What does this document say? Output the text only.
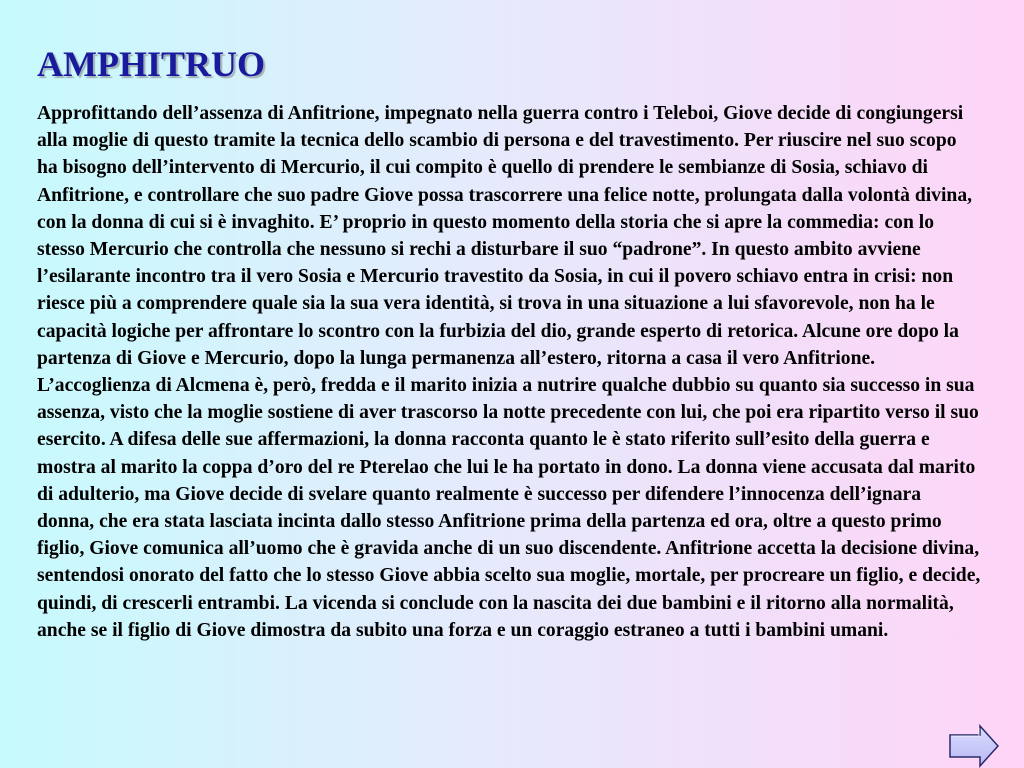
AMPHITRUO

Approfittando dell’assenza di Anfitrione, impegnato nella guerra contro i Teleboi, Giove decide di congiungersi alla moglie di questo tramite la tecnica dello scambio di persona e del travestimento. Per riuscire nel suo scopo ha bisogno dell’intervento di Mercurio, il cui compito è quello di prendere le sembianze di Sosia, schiavo di Anfitrione, e controllare che suo padre Giove possa trascorrere una felice notte, prolungata dalla volontà divina, con la donna di cui si è invaghito. E’ proprio in questo momento della storia che si apre la commedia: con lo stesso Mercurio che controlla che nessuno si rechi a disturbare il suo “padrone”. In questo ambito avviene l’esilarante incontro tra il vero Sosia e Mercurio travestito da Sosia, in cui il povero schiavo entra in crisi: non riesce più a comprendere quale sia la sua vera identità, si trova in una situazione a lui sfavorevole, non ha le capacità logiche per affrontare lo scontro con la furbizia del dio, grande esperto di retorica. Alcune ore dopo la partenza di Giove e Mercurio, dopo la lunga permanenza all’estero, ritorna a casa il vero Anfitrione. L’accoglienza di Alcmena è, però, fredda e il marito inizia a nutrire qualche dubbio su quanto sia successo in sua assenza, visto che la moglie sostiene di aver trascorso la notte precedente con lui, che poi era ripartito verso il suo esercito. A difesa delle sue affermazioni, la donna racconta quanto le è stato riferito sull’esito della guerra e mostra al marito la coppa d’oro del re Pterelao che lui le ha portato in dono. La donna viene accusata dal marito di adulterio, ma Giove decide di svelare quanto realmente è successo per difendere l’innocenza dell’ignara donna, che era stata lasciata incinta dallo stesso Anfitrione prima della partenza ed ora, oltre a questo primo figlio, Giove comunica all’uomo che è gravida anche di un suo discendente. Anfitrione accetta la decisione divina, sentendosi onorato del fatto che lo stesso Giove abbia scelto sua moglie, mortale, per procreare un figlio, e decide, quindi, di crescerli entrambi. La vicenda si conclude con la nascita dei due bambini e il ritorno alla normalità, anche se il figlio di Giove dimostra da subito una forza e un coraggio estraneo a tutti i bambini umani.
